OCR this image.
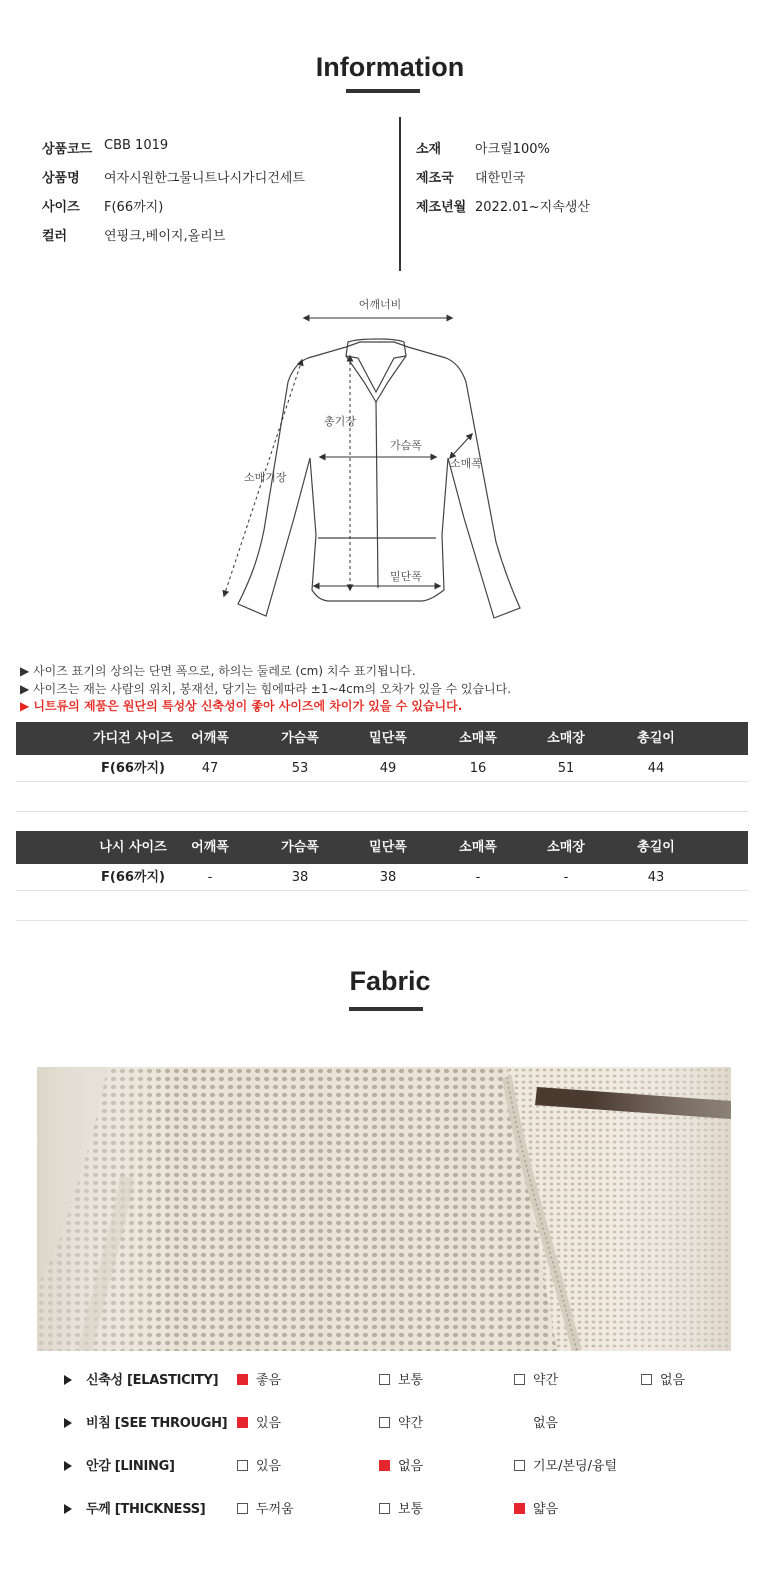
Information
상품코드 CBB 1019
상품명 여자시원한그물니트나시가디건세트
사이즈 F(66까지)
컬러	연핑크,베이지,올리브
소재	아크릴100%
제조국 대한민국
제조년월 2022.01~지속생산
어깨너비
총기장
가슴폭
소매폭
소매기장
밑단폭
▶ 사이즈 표기의 상의는 단면 폭으로, 하의는 둘레로 (cm) 치수 표기됩니다.
▶ 사이즈는 재는 사람의 위치, 봉재선, 당기는 힘에따라 ±1~4cm의 오차가 있을 수 있습니다.
▶ 니트류의 제품은 원단의 특성상 신축성이 좋아 사이즈에 차이가 있을 수 있습니다.
가디건 사이즈	어깨폭	가슴폭	밑단폭	소매폭	소매장	총길이
F(66까지)	47	53	49	16	51	44
나시 사이즈	어깨폭	가슴폭	밑단폭	소매폭	소매장	총길이
F(66까지)	-	38	38	-	-	43
Fabric
신축성 [ELASTICITY]	좋음	보통	약간	없음
비침 [SEE THROUGH]	있음	약간	없음
안감 [LINING]	있음	없음	기모/본딩/융털
두께 [THICKNESS]	두꺼움	보통	얇음
